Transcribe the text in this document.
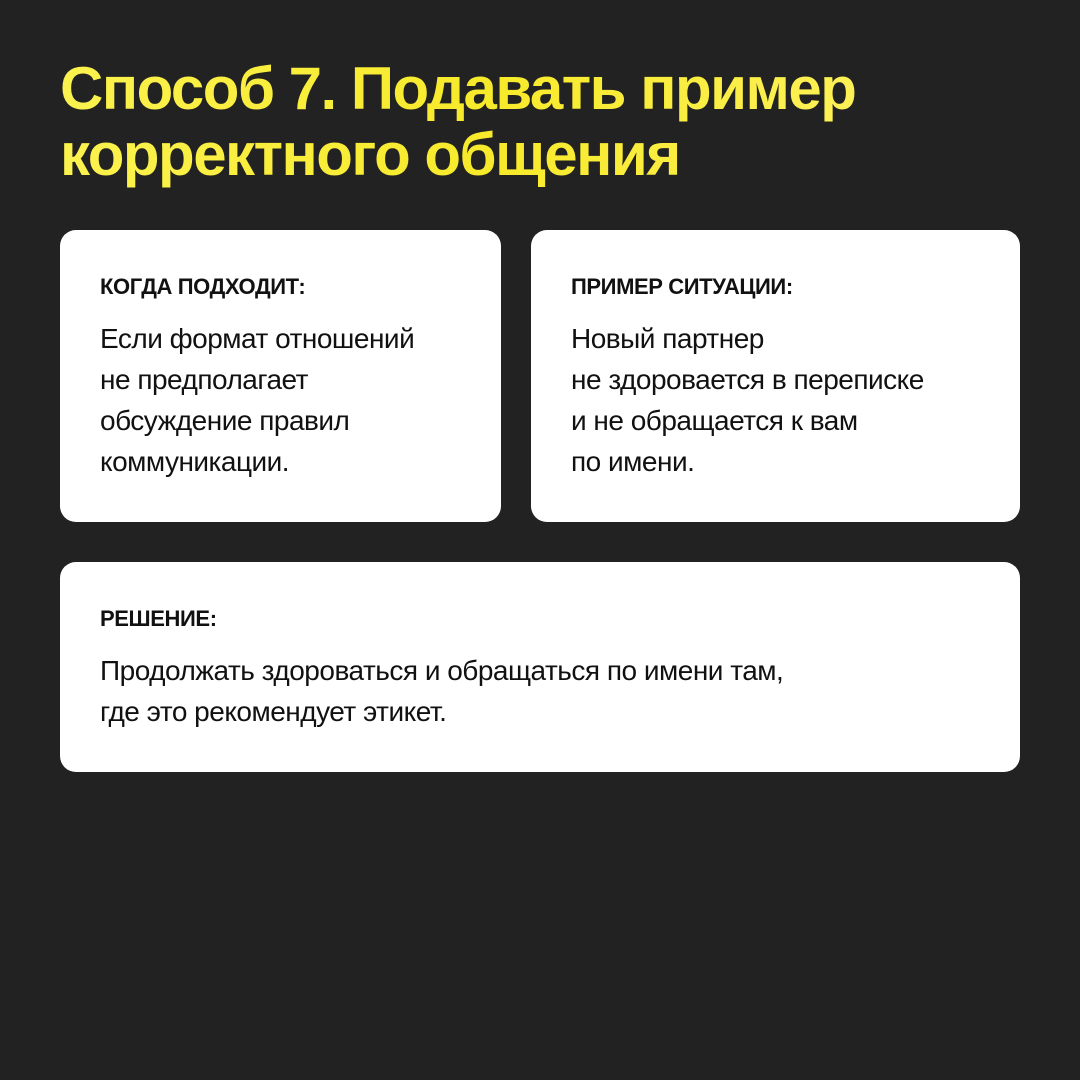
Способ 7. Подавать пример
корректного общения
КОГДА ПОДХОДИТ:

Если формат отношений
не предполагает
обсуждение правил
коммуникации.

ПРИМЕР СИТУАЦИИ:

Новый партнер
не здоровается в переписке
и не обращается к вам
по имени.

РЕШЕНИЕ:

Продолжать здороваться и обращаться по имени там,
где это рекомендует этикет.
